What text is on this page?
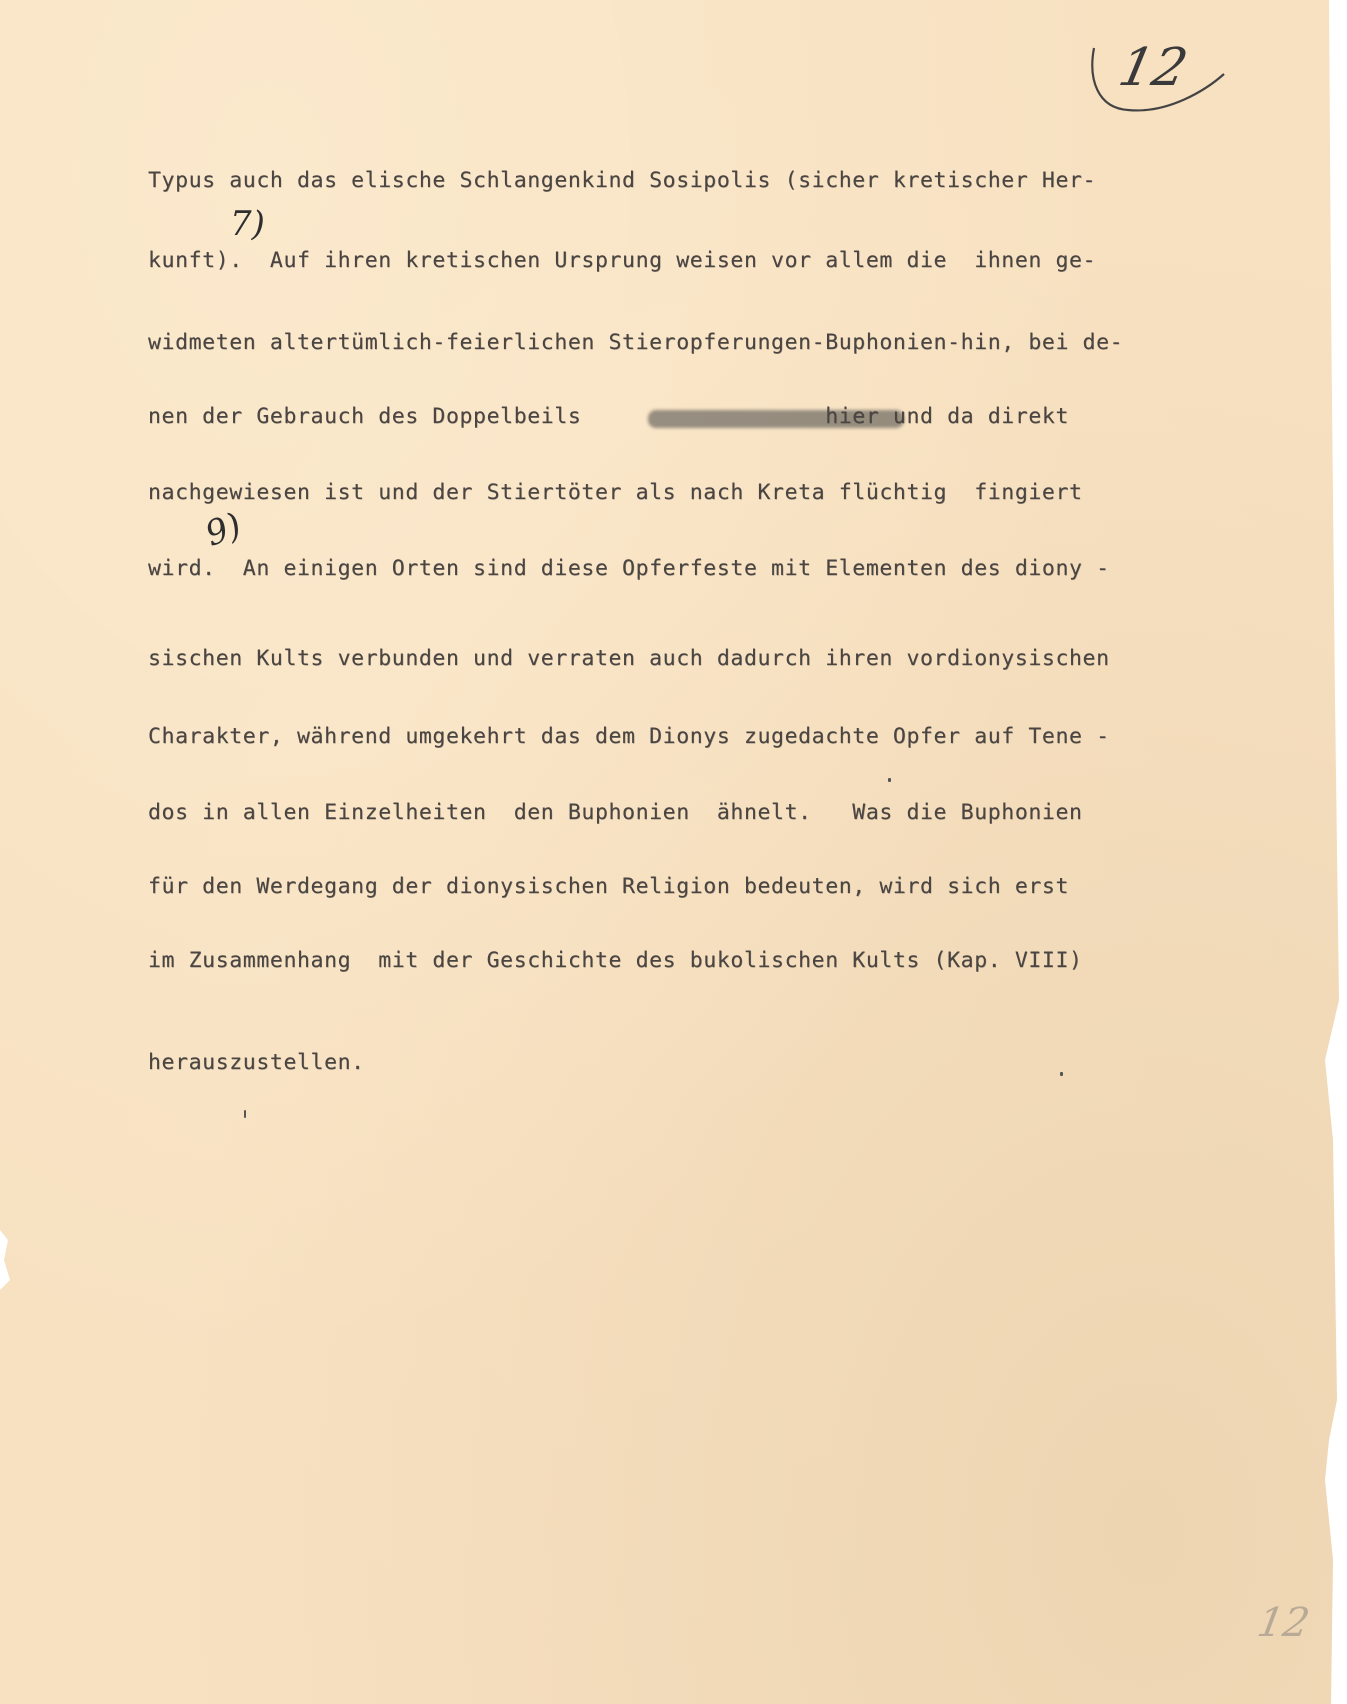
12
12
7)
9)
Typus auch das elische Schlangenkind Sosipolis (sicher kretischer Her-
kunft).  Auf ihren kretischen Ursprung weisen vor allem die  ihnen ge-
widmeten altertümlich-feierlichen Stieropferungen-Buphonien-hin, bei de-
nen der Gebrauch des Doppelbeils                  hier und da direkt
nachgewiesen ist und der Stiertöter als nach Kreta flüchtig  fingiert
wird.  An einigen Orten sind diese Opferfeste mit Elementen des diony -
sischen Kults verbunden und verraten auch dadurch ihren vordionysischen
Charakter, während umgekehrt das dem Dionys zugedachte Opfer auf Tene -
dos in allen Einzelheiten  den Buphonien  ähnelt.   Was die Buphonien
für den Werdegang der dionysischen Religion bedeuten, wird sich erst
im Zusammenhang  mit der Geschichte des bukolischen Kults (Kap. VIII)
herauszustellen.
